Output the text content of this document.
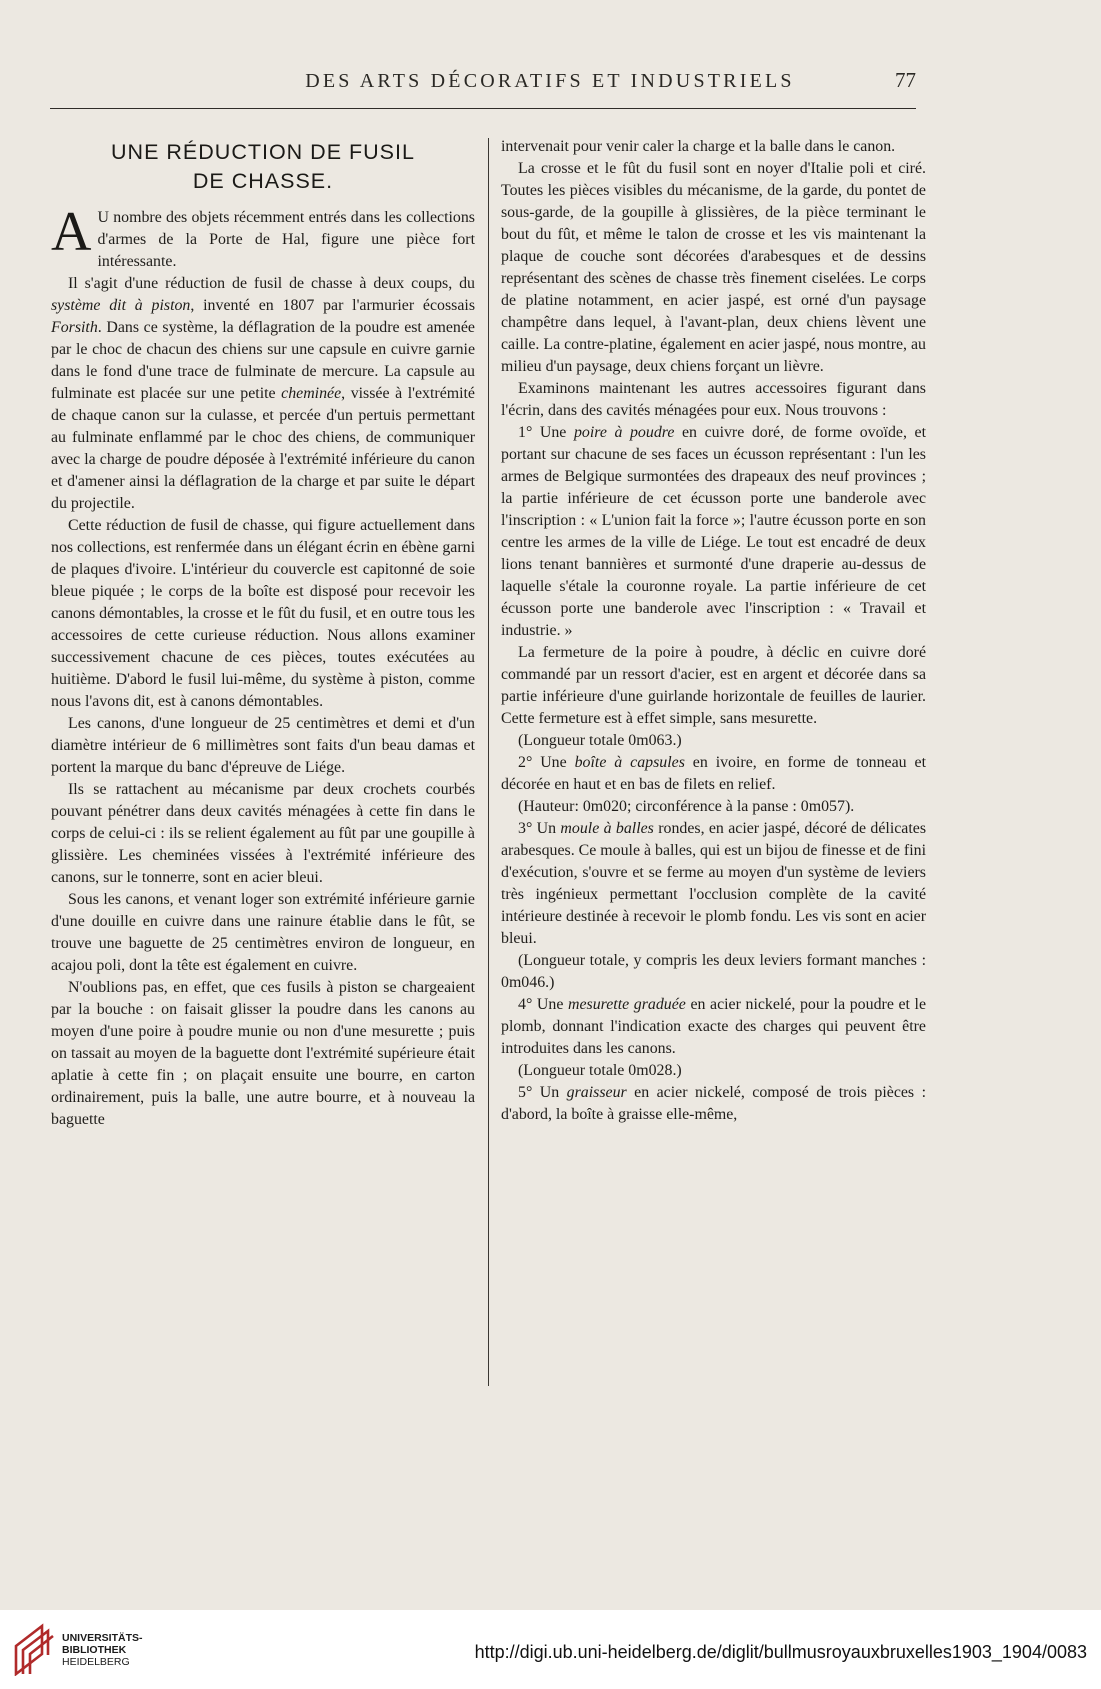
DES ARTS DÉCORATIFS ET INDUSTRIELS	77
UNE RÉDUCTION DE FUSIL
DE CHASSE.

A U nombre des objets récemment entrés dans les collections d'armes de la Porte de Hal, figure une pièce fort intéressante.

Il s'agit d'une réduction de fusil de chasse à deux coups, du système dit à piston, inventé en 1807 par l'armurier écossais Forsith. Dans ce système, la déflagration de la poudre est amenée par le choc de chacun des chiens sur une capsule en cuivre garnie dans le fond d'une trace de fulminate de mercure. La capsule au fulminate est placée sur une petite cheminée, vissée à l'extrémité de chaque canon sur la culasse, et percée d'un pertuis permettant au fulminate enflammé par le choc des chiens, de communiquer avec la charge de poudre déposée à l'extrémité inférieure du canon et d'amener ainsi la déflagration de la charge et par suite le départ du projectile.

Cette réduction de fusil de chasse, qui figure actuellement dans nos collections, est renfermée dans un élégant écrin en ébène garni de plaques d'ivoire. L'intérieur du couvercle est capitonné de soie bleue piquée ; le corps de la boîte est disposé pour recevoir les canons démontables, la crosse et le fût du fusil, et en outre tous les accessoires de cette curieuse réduction. Nous allons examiner successivement chacune de ces pièces, toutes exécutées au huitième. D'abord le fusil lui-même, du système à piston, comme nous l'avons dit, est à canons démontables.

Les canons, d'une longueur de 25 centimètres et demi et d'un diamètre intérieur de 6 millimètres sont faits d'un beau damas et portent la marque du banc d'épreuve de Liége.

Ils se rattachent au mécanisme par deux crochets courbés pouvant pénétrer dans deux cavités ménagées à cette fin dans le corps de celui-ci : ils se relient également au fût par une goupille à glissière. Les cheminées vissées à l'extrémité inférieure des canons, sur le tonnerre, sont en acier bleui.

Sous les canons, et venant loger son extrémité inférieure garnie d'une douille en cuivre dans une rainure établie dans le fût, se trouve une baguette de 25 centimètres environ de longueur, en acajou poli, dont la tête est également en cuivre.

N'oublions pas, en effet, que ces fusils à piston se chargeaient par la bouche : on faisait glisser la poudre dans les canons au moyen d'une poire à poudre munie ou non d'une mesurette ; puis on tassait au moyen de la baguette dont l'extrémité supérieure était aplatie à cette fin ; on plaçait ensuite une bourre, en carton ordinairement, puis la balle, une autre bourre, et à nouveau la baguette

intervenait pour venir caler la charge et la balle dans le canon.

La crosse et le fût du fusil sont en noyer d'Italie poli et ciré. Toutes les pièces visibles du mécanisme, de la garde, du pontet de sous-garde, de la goupille à glissières, de la pièce terminant le bout du fût, et même le talon de crosse et les vis maintenant la plaque de couche sont décorées d'arabesques et de dessins représentant des scènes de chasse très finement ciselées. Le corps de platine notamment, en acier jaspé, est orné d'un paysage champêtre dans lequel, à l'avant-plan, deux chiens lèvent une caille. La contre-platine, également en acier jaspé, nous montre, au milieu d'un paysage, deux chiens forçant un lièvre.

Examinons maintenant les autres accessoires figurant dans l'écrin, dans des cavités ménagées pour eux. Nous trouvons :

1° Une poire à poudre en cuivre doré, de forme ovoïde, et portant sur chacune de ses faces un écusson représentant : l'un les armes de Belgique surmontées des drapeaux des neuf provinces ; la partie inférieure de cet écusson porte une banderole avec l'inscription : « L'union fait la force »; l'autre écusson porte en son centre les armes de la ville de Liége. Le tout est encadré de deux lions tenant bannières et surmonté d'une draperie au-dessus de laquelle s'étale la couronne royale. La partie inférieure de cet écusson porte une banderole avec l'inscription : « Travail et industrie. »

La fermeture de la poire à poudre, à déclic en cuivre doré commandé par un ressort d'acier, est en argent et décorée dans sa partie inférieure d'une guirlande horizontale de feuilles de laurier. Cette fermeture est à effet simple, sans mesurette.

(Longueur totale 0m063.)

2° Une boîte à capsules en ivoire, en forme de tonneau et décorée en haut et en bas de filets en relief.

(Hauteur: 0m020; circonférence à la panse : 0m057).

3° Un moule à balles rondes, en acier jaspé, décoré de délicates arabesques. Ce moule à balles, qui est un bijou de finesse et de fini d'exécution, s'ouvre et se ferme au moyen d'un système de leviers très ingénieux permettant l'occlusion complète de la cavité intérieure destinée à recevoir le plomb fondu. Les vis sont en acier bleui.

(Longueur totale, y compris les deux leviers formant manches : 0m046.)

4° Une mesurette graduée en acier nickelé, pour la poudre et le plomb, donnant l'indication exacte des charges qui peuvent être introduites dans les canons.

(Longueur totale 0m028.)

5° Un graisseur en acier nickelé, composé de trois pièces : d'abord, la boîte à graisse elle-même,

UNIVERSITÄTS-
BIBLIOTHEK
HEIDELBERG	http://digi.ub.uni-heidelberg.de/diglit/bullmusroyauxbruxelles1903_1904/0083
